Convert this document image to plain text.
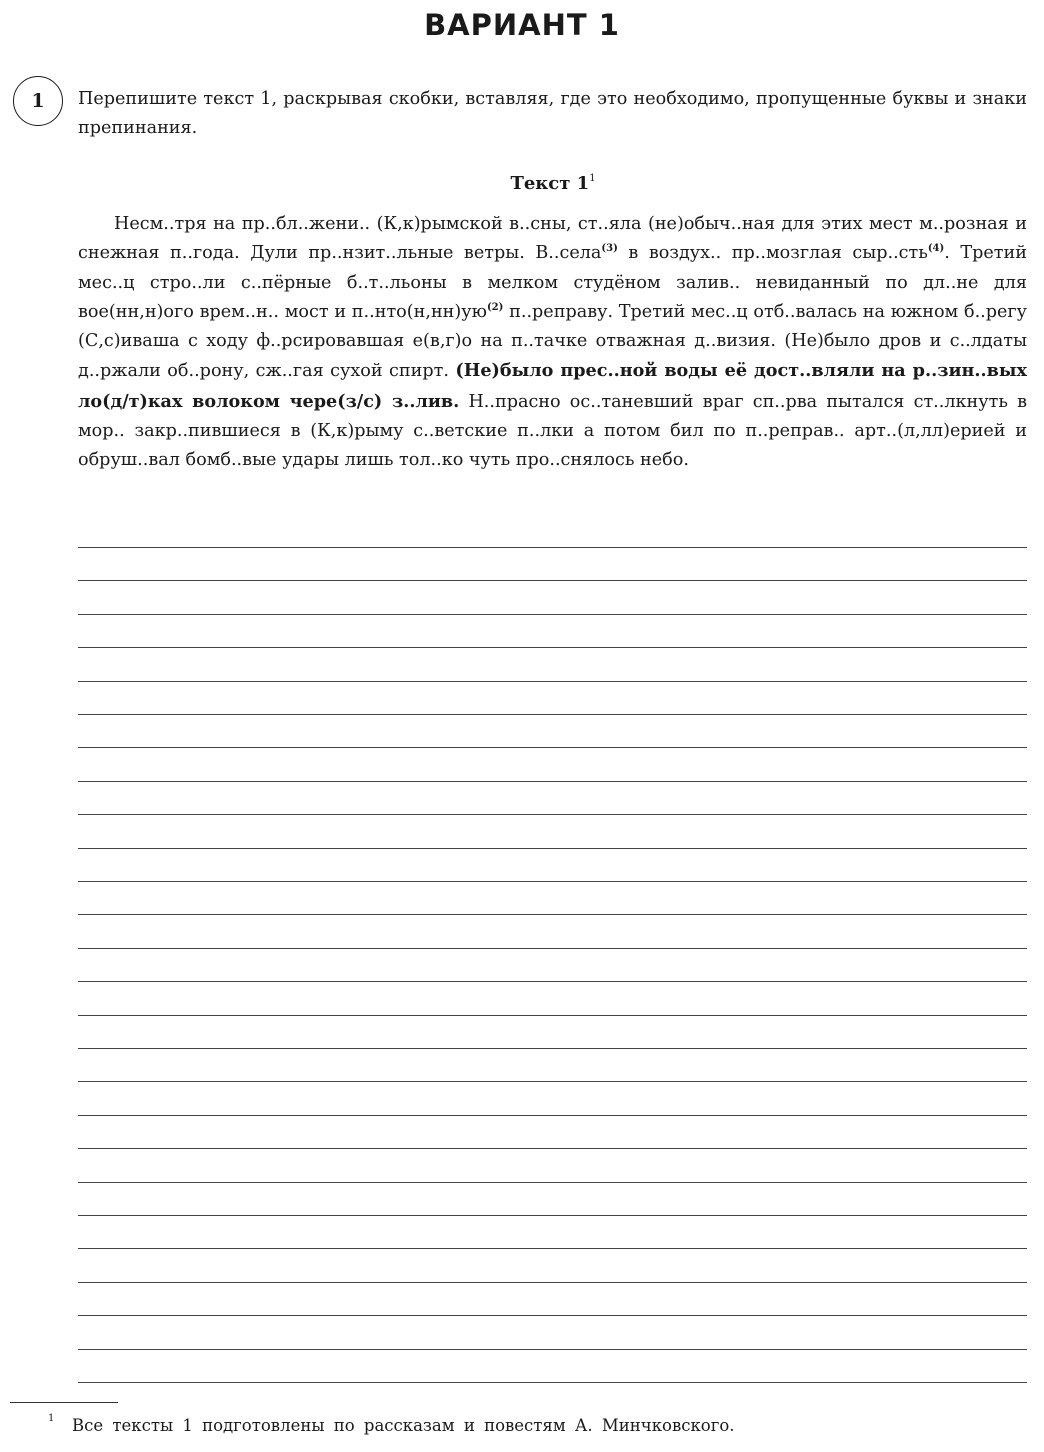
ВАРИАНТ 1
1	Перепишите текст 1, раскрывая скобки, вставляя, где это необходимо, пропущенные буквы и знаки препинания.

Текст $1^1$

Несм..тря на пр..бл..жени.. (К,к)рымской в..сны, ст..яла (не)обыч..ная для этих мест м..розная и снежная п..года. Дули пр..нзит..льные ветры. В..села$^{(3)}$ в воздух.. пр..мозглая сыр..сть$^{(4)}$. Третий мес..ц стро..ли с..пёрные б..т..льоны в мелком студёном залив.. невиданный по дл..не для вое(нн,н)ого врем..н.. мост и $п..нто(н,нн)ую^{(2)}$ п..реправу. Третий мес..ц отб..валась на южном б..регу (С,с)иваша с ходу ф..рсировавшая е(в,г)о на п..тачке отважная д..визия. (Не)было дров и с..лдаты д..ржали об..рону, сж..гая сухой спирт. (Не)было прес..ной воды её дост..вляли на р..зин..вых ло(д/т)ках волоком чере(з/с) з..лив. Н..прасно ос..таневший враг сп..рва пытался ст..лкнуть в мор.. закр..пившиеся в (К,к)рыму с..ветские п..лки а потом бил по п..реправ.. арт..(л,лл)ерией и обруш..вал бомб..вые удары лишь тол..ко чуть про..снялось небо.

1 Все тексты 1 подготовлены по рассказам и повестям А. Минчковского.
